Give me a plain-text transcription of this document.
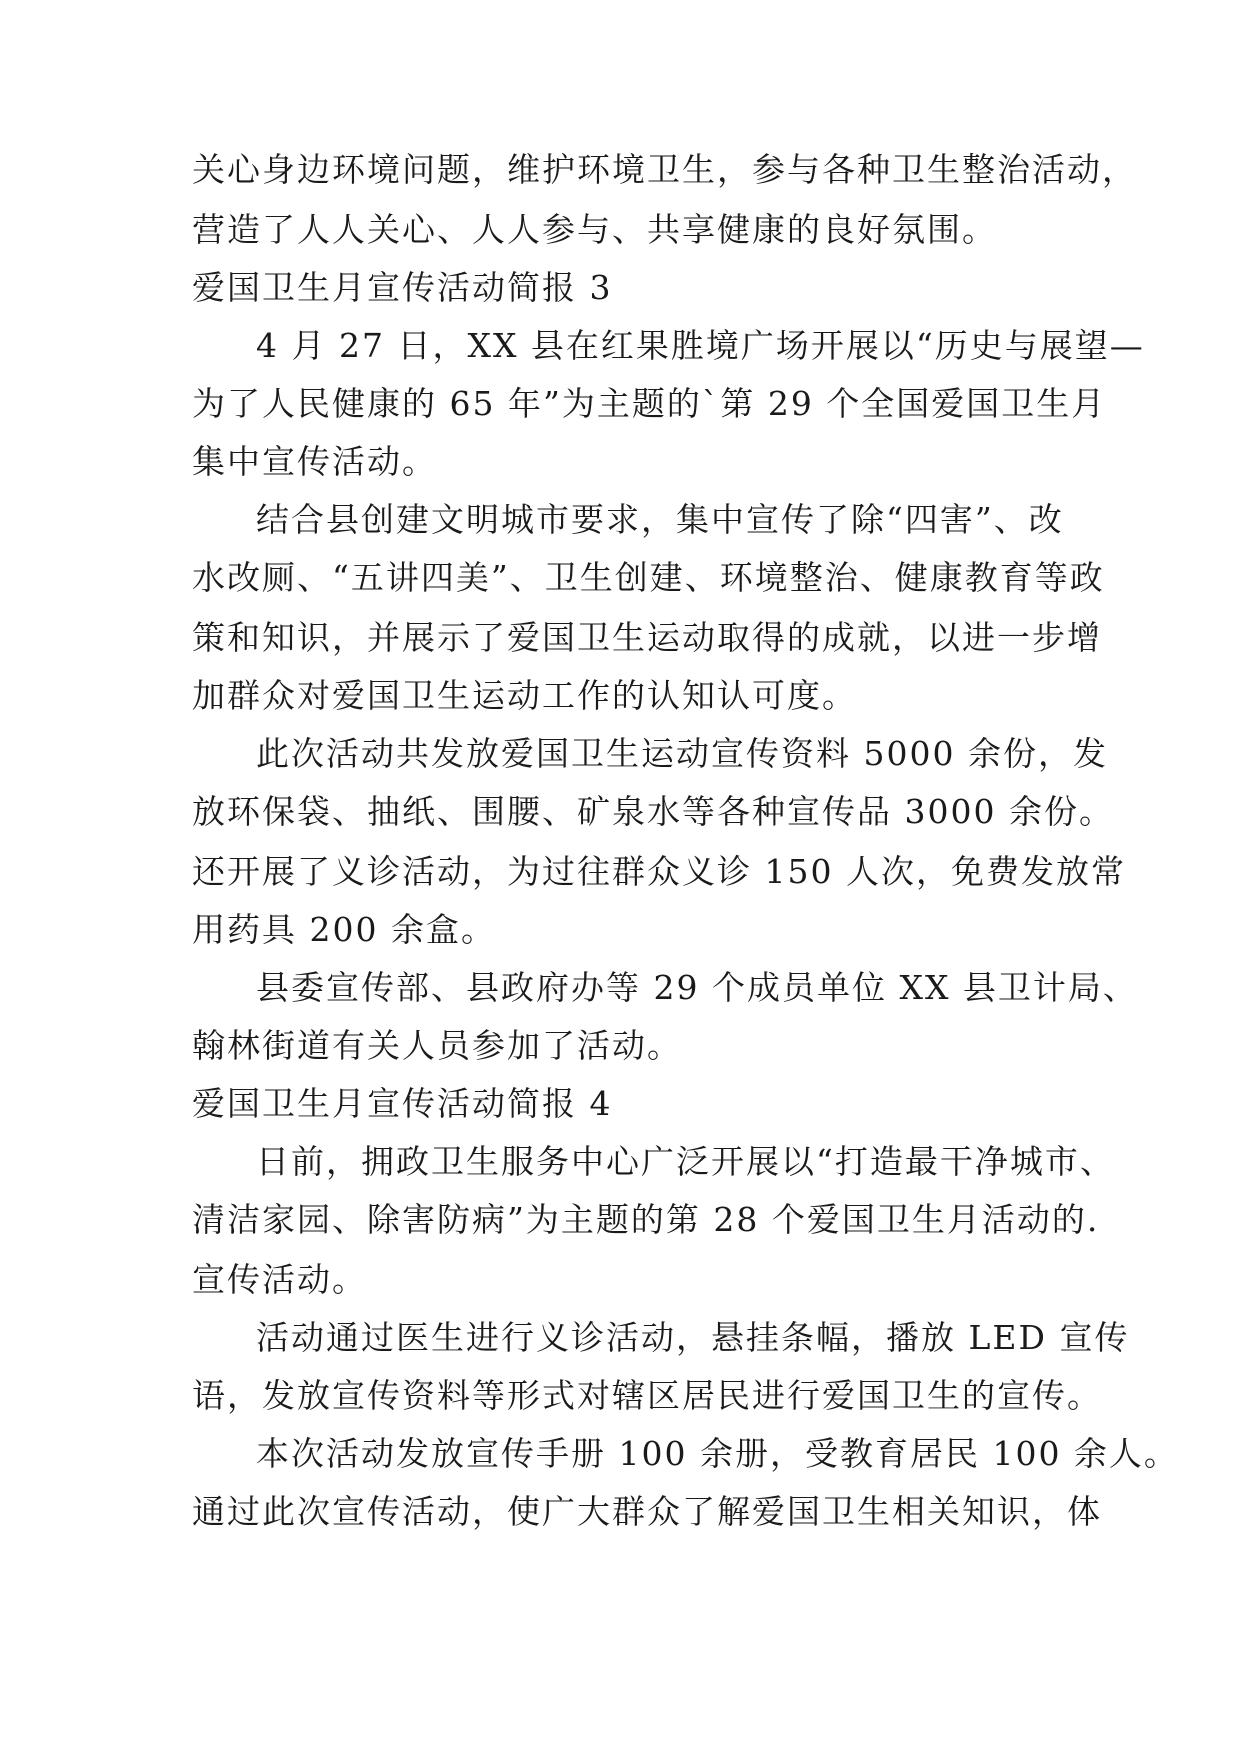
关心身边环境问题，维护环境卫生，参与各种卫生整治活动，
营造了人人关心、人人参与、共享健康的良好氛围。
爱国卫生月宣传活动简报 3
4 月 27 日，XX 县在红果胜境广场开展以“历史与展望—
为了人民健康的 65 年”为主题的`第 29 个全国爱国卫生月
集中宣传活动。
结合县创建文明城市要求，集中宣传了除“四害”、改
水改厕、“五讲四美”、卫生创建、环境整治、健康教育等政
策和知识，并展示了爱国卫生运动取得的成就，以进一步增
加群众对爱国卫生运动工作的认知认可度。
此次活动共发放爱国卫生运动宣传资料 5000 余份，发
放环保袋、抽纸、围腰、矿泉水等各种宣传品 3000 余份。
还开展了义诊活动，为过往群众义诊 150 人次，免费发放常
用药具 200 余盒。
县委宣传部、县政府办等 29 个成员单位 XX 县卫计局、
翰林街道有关人员参加了活动。
爱国卫生月宣传活动简报 4
日前，拥政卫生服务中心广泛开展以“打造最干净城市、
清洁家园、除害防病”为主题的第 28 个爱国卫生月活动的.
宣传活动。
活动通过医生进行义诊活动，悬挂条幅，播放 LED 宣传
语，发放宣传资料等形式对辖区居民进行爱国卫生的宣传。
本次活动发放宣传手册 100 余册，受教育居民 100 余人。
通过此次宣传活动，使广大群众了解爱国卫生相关知识，体
